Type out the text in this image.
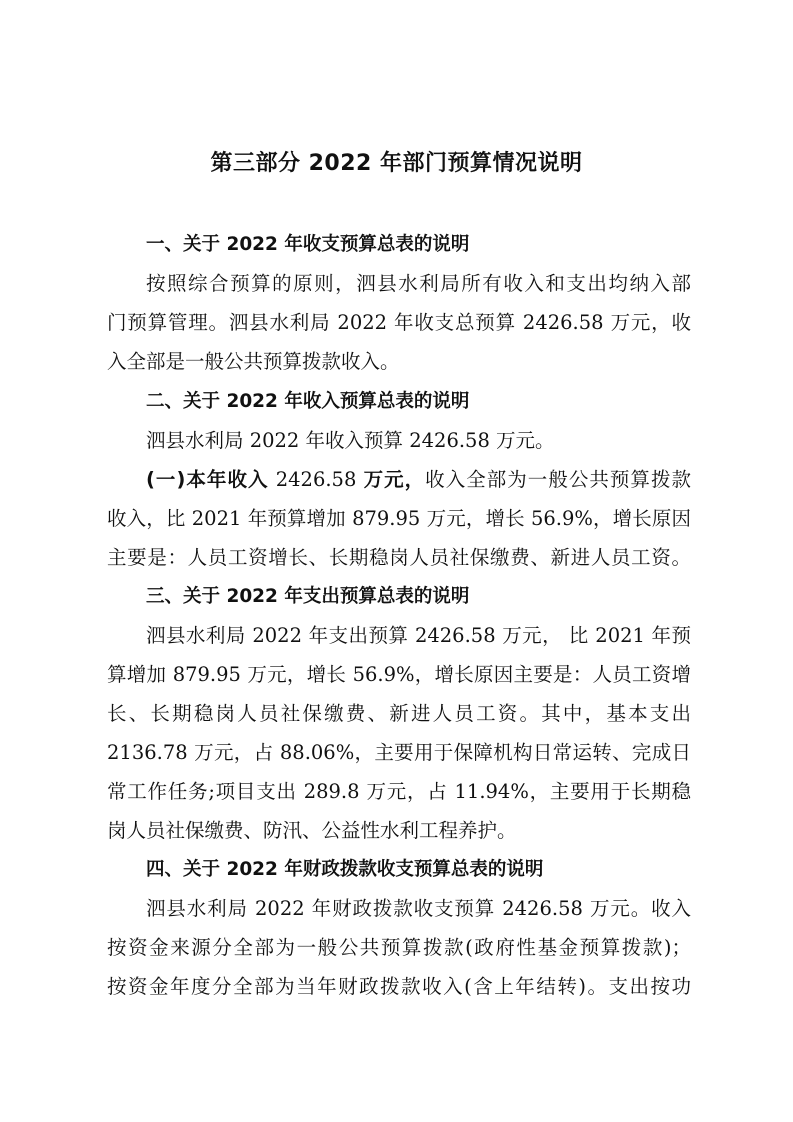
第三部分 2022 年部门预算情况说明
一、关于 2022 年收支预算总表的说明
按照综合预算的原则，泗县水利局所有收入和支出均纳入部
门预算管理。泗县水利局 2022 年收支总预算 2426.58 万元，收
入全部是一般公共预算拨款收入。
二、关于 2022 年收入预算总表的说明
泗县水利局 2022 年收入预算 2426.58 万元。
(一)本年收入 2426.58 万元，收入全部为一般公共预算拨款
收入，比 2021 年预算增加 879.95 万元，增长 56.9%，增长原因
主要是：人员工资增长、长期稳岗人员社保缴费、新进人员工资。
三、关于 2022 年支出预算总表的说明
泗县水利局 2022 年支出预算 2426.58 万元， 比 2021 年预
算增加 879.95 万元，增长 56.9%，增长原因主要是：人员工资增
长、长期稳岗人员社保缴费、新进人员工资。其中，基本支出
2136.78 万元，占 88.06%，主要用于保障机构日常运转、完成日
常工作任务;项目支出 289.8 万元，占 11.94%，主要用于长期稳
岗人员社保缴费、防汛、公益性水利工程养护。
四、关于 2022 年财政拨款收支预算总表的说明
泗县水利局 2022 年财政拨款收支预算 2426.58 万元。收入
按资金来源分全部为一般公共预算拨款(政府性基金预算拨款)；
按资金年度分全部为当年财政拨款收入(含上年结转)。支出按功
